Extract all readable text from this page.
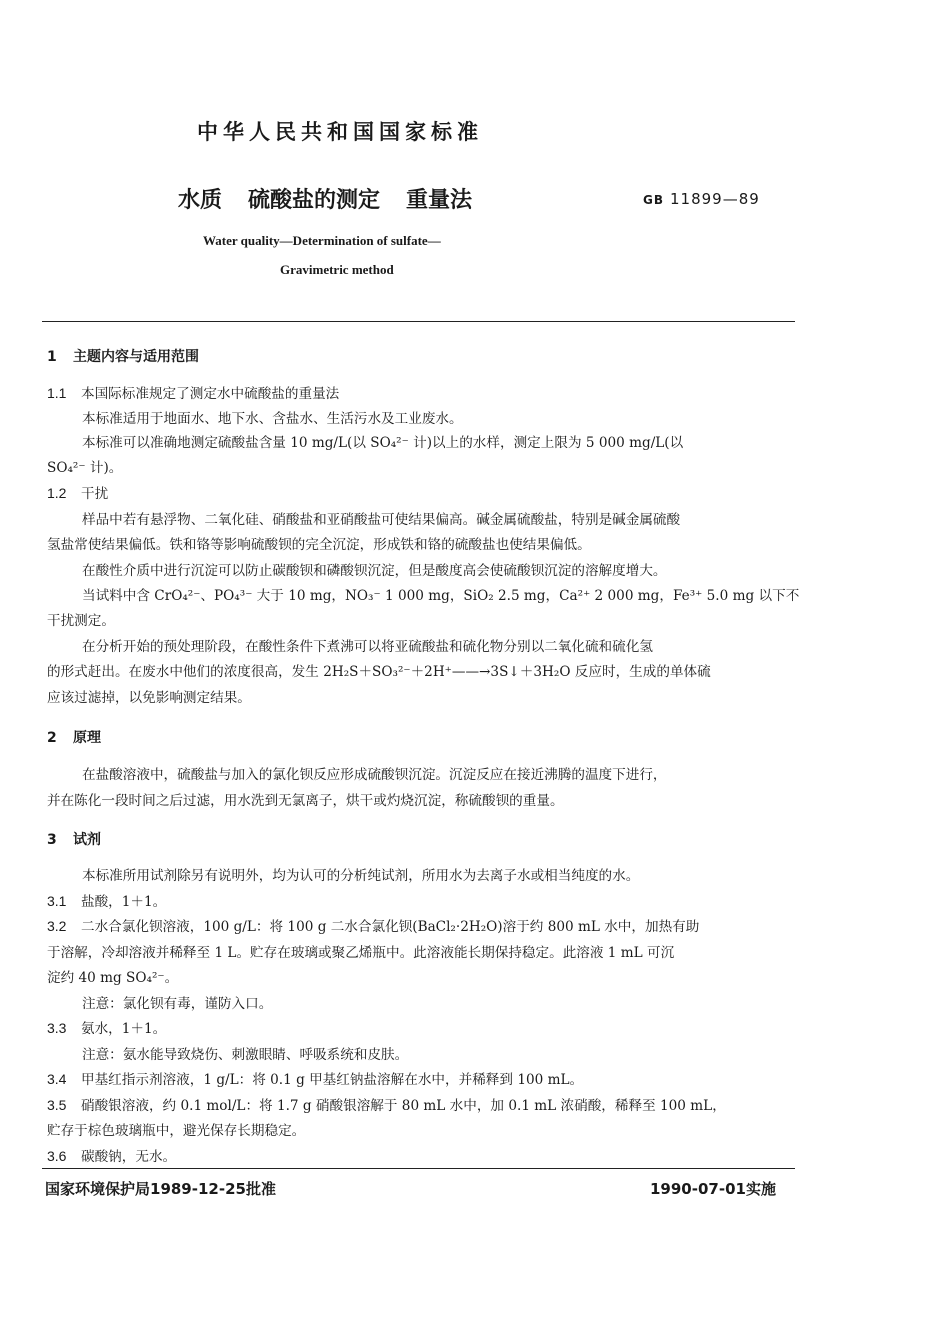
中华人民共和国国家标准
水质 硫酸盐的测定 重量法	GB 11899—89
Water quality—Determination of sulfate—
Gravimetric method
1 主题内容与适用范围
1.1 本国际标准规定了测定水中硫酸盐的重量法
本标准适用于地面水、地下水、含盐水、生活污水及工业废水。
本标准可以准确地测定硫酸盐含量 10 mg/L(以 SO₄²⁻ 计)以上的水样，测定上限为 5 000 mg/L(以
SO₄²⁻ 计)。
1.2 干扰
样品中若有悬浮物、二氧化硅、硝酸盐和亚硝酸盐可使结果偏高。碱金属硫酸盐，特别是碱金属硫酸
氢盐常使结果偏低。铁和铬等影响硫酸钡的完全沉淀，形成铁和铬的硫酸盐也使结果偏低。
在酸性介质中进行沉淀可以防止碳酸钡和磷酸钡沉淀，但是酸度高会使硫酸钡沉淀的溶解度增大。
当试料中含 CrO₄²⁻、PO₄³⁻ 大于 10 mg，NO₃⁻ 1 000 mg，SiO₂ 2.5 mg，Ca²⁺ 2 000 mg，Fe³⁺ 5.0 mg 以下不
干扰测定。
在分析开始的预处理阶段，在酸性条件下煮沸可以将亚硫酸盐和硫化物分别以二氧化硫和硫化氢
的形式赶出。在废水中他们的浓度很高，发生 2H₂S＋SO₃²⁻＋2H⁺——→3S↓＋3H₂O 反应时，生成的单体硫
应该过滤掉，以免影响测定结果。
2 原理
在盐酸溶液中，硫酸盐与加入的氯化钡反应形成硫酸钡沉淀。沉淀反应在接近沸腾的温度下进行，
并在陈化一段时间之后过滤，用水洗到无氯离子，烘干或灼烧沉淀，称硫酸钡的重量。
3 试剂
本标准所用试剂除另有说明外，均为认可的分析纯试剂，所用水为去离子水或相当纯度的水。
3.1 盐酸，1＋1。
3.2 二水合氯化钡溶液，100 g/L：将 100 g 二水合氯化钡(BaCl₂·2H₂O)溶于约 800 mL 水中，加热有助
于溶解，冷却溶液并稀释至 1 L。贮存在玻璃或聚乙烯瓶中。此溶液能长期保持稳定。此溶液 1 mL 可沉
淀约 40 mg SO₄²⁻。
注意：氯化钡有毒，谨防入口。
3.3 氨水，1＋1。
注意：氨水能导致烧伤、刺激眼睛、呼吸系统和皮肤。
3.4 甲基红指示剂溶液，1 g/L：将 0.1 g 甲基红钠盐溶解在水中，并稀释到 100 mL。
3.5 硝酸银溶液，约 0.1 mol/L：将 1.7 g 硝酸银溶解于 80 mL 水中，加 0.1 mL 浓硝酸，稀释至 100 mL，
贮存于棕色玻璃瓶中，避光保存长期稳定。
3.6 碳酸钠，无水。
国家环境保护局1989-12-25批准	1990-07-01实施
